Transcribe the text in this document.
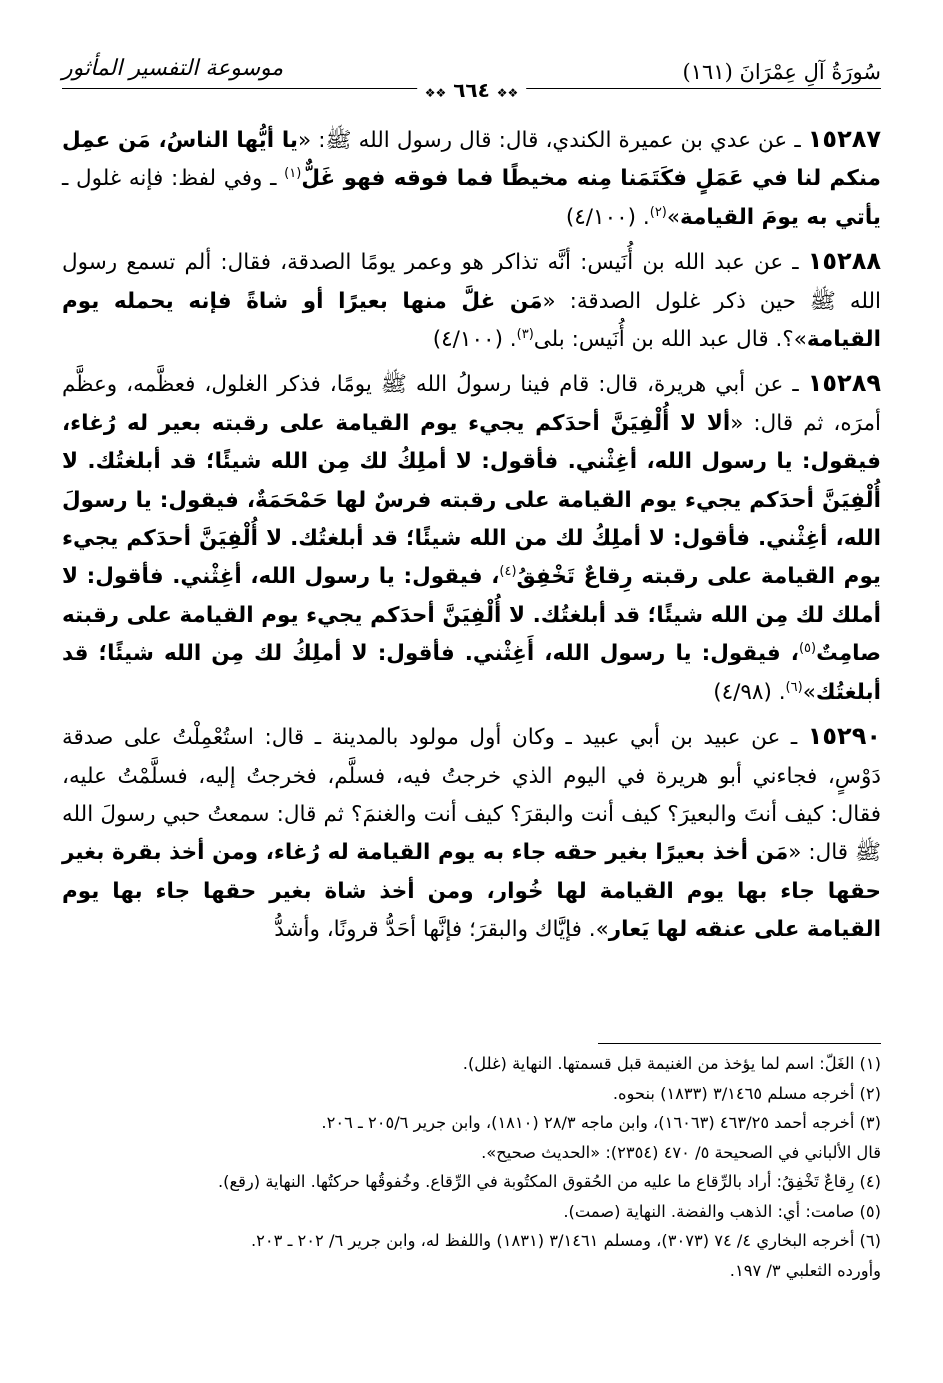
سُورَةُ آلِ عِمْرَانَ (١٦١)
موسوعة التفسير المأثور
❖❖ ٦٦٤ ❖❖

١٥٢٨٧ ـ عن عدي بن عميرة الكندي، قال: قال رسول الله ﷺ: «يا أيُّها الناسُ، مَن عمِل منكم لنا في عَمَلٍ فكَتَمَنا مِنه مخيطًا فما فوقه فهو غَلٌّ$^{(١)}$ ـ وفي لفظ: فإنه غلول ـ يأتي به يومَ القيامة»$^{(٢)}$. (٤/١٠٠)

١٥٢٨٨ ـ عن عبد الله بن أُنَيس: أنَّه تذاكر هو وعمر يومًا الصدقة، فقال: ألم تسمع رسول الله ﷺ حين ذكر غلول الصدقة: «مَن غلَّ منها بعيرًا أو شاةً فإنه يحمله يوم القيامة»؟. قال عبد الله بن أُنَيس: بلى$^{(٣)}$. (٤/١٠٠)

١٥٢٨٩ ـ عن أبي هريرة، قال: قام فينا رسولُ الله ﷺ يومًا، فذكر الغلول، فعظَّمه، وعظَّم أمرَه، ثم قال: «ألا لا أُلْفِيَنَّ أحدَكم يجيء يوم القيامة على رقبته بعير له رُغاء، فيقول: يا رسول الله، أغِثْني. فأقول: لا أملِكُ لك مِن الله شيئًا؛ قد أبلغتُك. لا أُلْفِيَنَّ أحدَكم يجيء يوم القيامة على رقبته فرسٌ لها حَمْحَمَةٌ، فيقول: يا رسولَ الله، أغِثْني. فأقول: لا أملِكُ لك من الله شيئًا؛ قد أبلغتُك. لا أُلْفِيَنَّ أحدَكم يجيء يوم القيامة على رقبته رِقاعٌ تَخْفِقُ$^{(٤)}$، فيقول: يا رسول الله، أغِثْني. فأقول: لا أملك لك مِن الله شيئًا؛ قد أبلغتُك. لا أُلْفِيَنَّ أحدَكم يجيء يوم القيامة على رقبته صامِتٌ$^{(٥)}$، فيقول: يا رسول الله، أَغِثْني. فأقول: لا أملِكُ لك مِن الله شيئًا؛ قد أبلغتُك»$^{(٦)}$. (٤/٩٨)

١٥٢٩٠ ـ عن عبيد بن أبي عبيد ـ وكان أول مولود بالمدينة ـ قال: استُعْمِلْتُ على صدقة دَوْسٍ، فجاءني أبو هريرة في اليوم الذي خرجتُ فيه، فسلَّم، فخرجتُ إليه، فسلَّمْتُ عليه، فقال: كيف أنتَ والبعيرَ؟ كيف أنت والبقرَ؟ كيف أنت والغنمَ؟ ثم قال: سمعتُ حبي رسولَ الله ﷺ قال: «مَن أخذ بعيرًا بغير حقه جاء به يوم القيامة له رُغاء، ومن أخذ بقرة بغير حقها جاء بها يوم القيامة لها خُوار، ومن أخذ شاة بغير حقها جاء بها يوم القيامة على عنقه لها يَعار». فإيَّاك والبقرَ؛ فإنَّها أحَدُّ قرونًا، وأشدُّ

(١) الغَلّ: اسم لما يؤخذ من الغنيمة قبل قسمتها. النهاية (غلل).

(٢) أخرجه مسلم ٣/١٤٦٥ (١٨٣٣) بنحوه.

(٣) أخرجه أحمد ٤٦٣/٢٥ (١٦٠٦٣)، وابن ماجه ٢٨/٣ (١٨١٠)، وابن جرير ٢٠٥/٦ ـ ٢٠٦.

قال الألباني في الصحيحة ٥/ ٤٧٠ (٢٣٥٤): «الحديث صحيح».

(٤) رِقاعٌ تَخْفِقُ: أراد بالرِّقاع ما عليه من الحُقوق المكتُوبة في الرِّقاع. وخُفوقُها حركتُها. النهاية (رقع).

(٥) صامت: أي: الذهب والفضة. النهاية (صمت).

(٦) أخرجه البخاري ٤/ ٧٤ (٣٠٧٣)، ومسلم ٣/١٤٦١ (١٨٣١) واللفظ له، وابن جرير ٦/ ٢٠٢ ـ ٢٠٣.

وأورده الثعلبي ٣/ ١٩٧.
